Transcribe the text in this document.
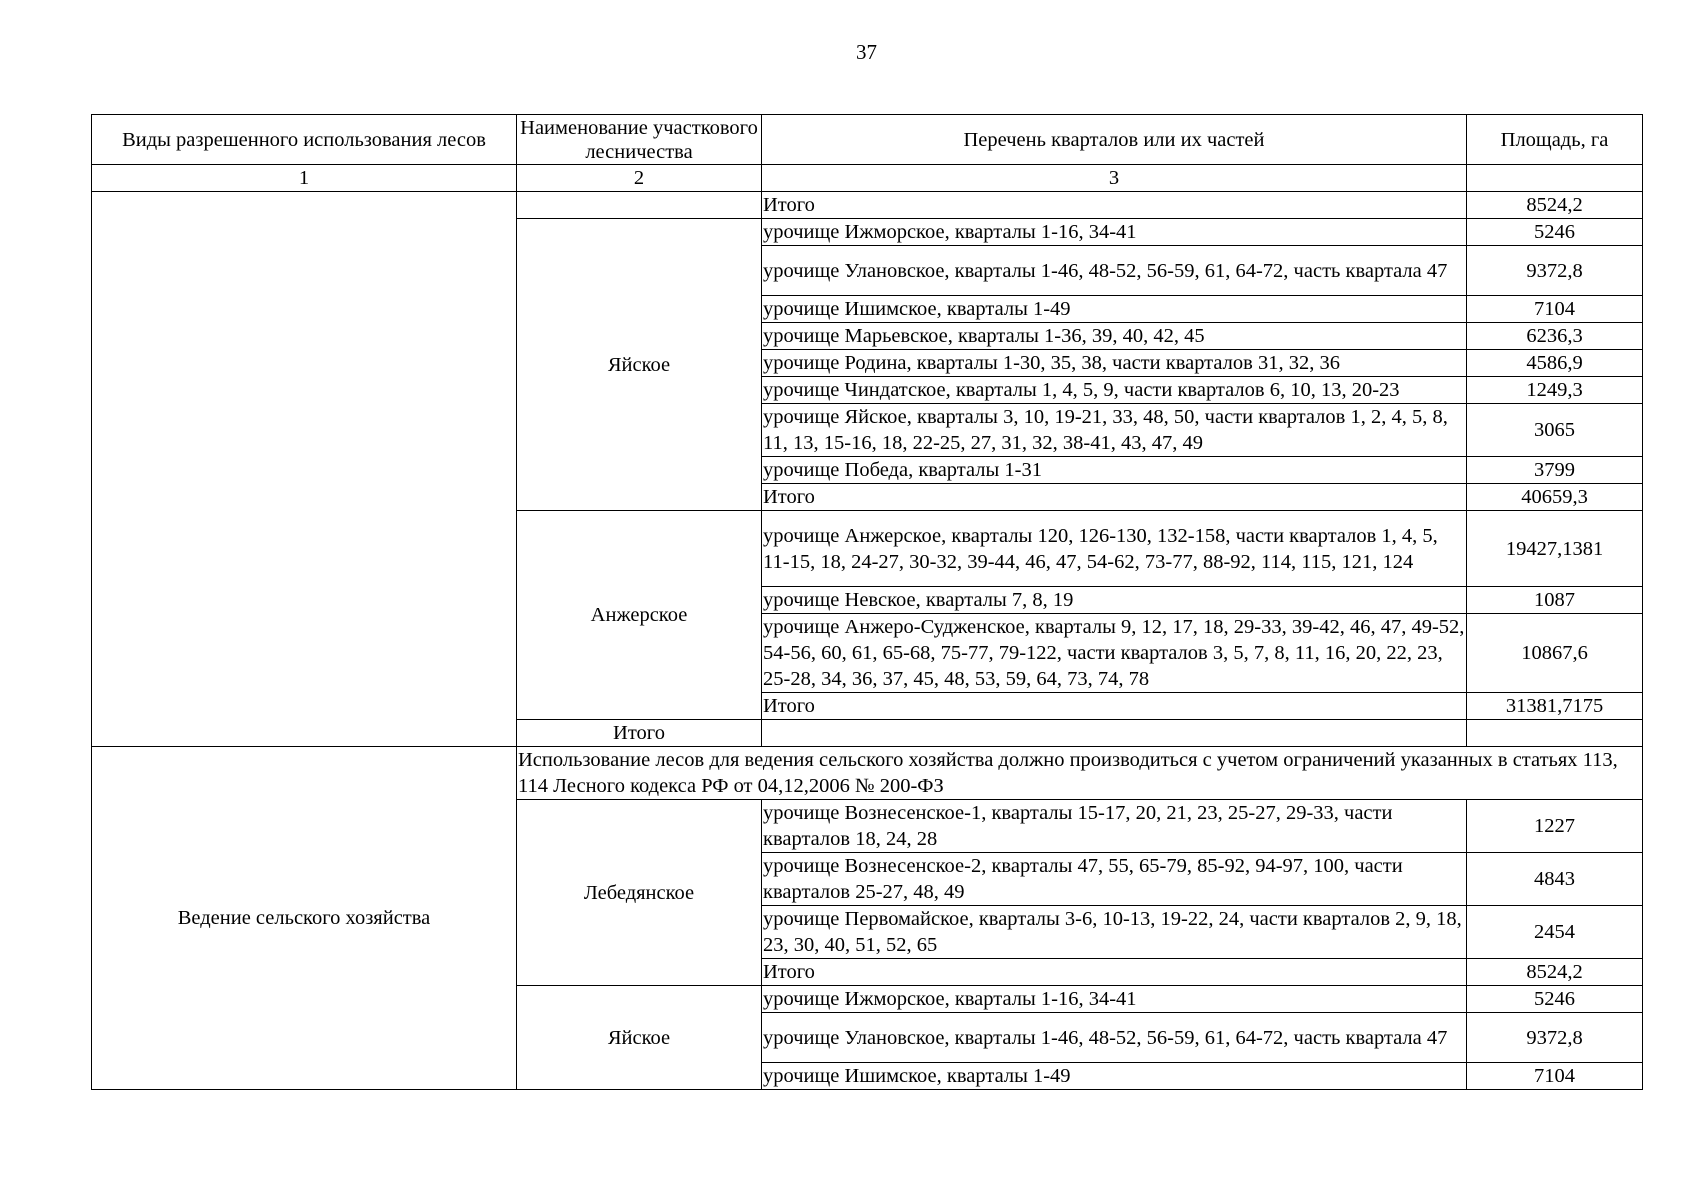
37
Виды разрешенного использования лесов	Наименование участкового лесничества	Перечень кварталов или их частей	Площадь, га	
1	2	3		
		Итого	8524,2	
	Яйское	урочище Ижморское, кварталы 1-16, 34-41	5246	
		урочище Улановское, кварталы 1-46, 48-52, 56-59, 61, 64-72, часть квартала 47	9372,8	
		урочище Ишимское, кварталы 1-49	7104	
		урочище Марьевское, кварталы 1-36, 39, 40, 42, 45	6236,3	
		урочище Родина, кварталы 1-30, 35, 38, части кварталов 31, 32, 36	4586,9	
		урочище Чиндатское, кварталы 1, 4, 5, 9, части кварталов 6, 10, 13, 20-23	1249,3	
		урочище Яйское, кварталы 3, 10, 19-21, 33, 48, 50, части кварталов 1, 2, 4, 5, 8, 11, 13, 15-16, 18, 22-25, 27, 31, 32, 38-41, 43, 47, 49	3065	
		урочище Победа, кварталы 1-31	3799	
		Итого	40659,3	
	Анжерское	урочище Анжерское, кварталы 120, 126-130, 132-158, части кварталов 1, 4, 5, 11-15, 18, 24-27, 30-32, 39-44, 46, 47, 54-62, 73-77, 88-92, 114, 115, 121, 124	19427,1381	
		урочище Невское, кварталы 7, 8, 19	1087	
		урочище Анжеро-Судженское, кварталы 9, 12, 17, 18, 29-33, 39-42, 46, 47, 49-52, 54-56, 60, 61, 65-68, 75-77, 79-122, части кварталов 3, 5, 7, 8, 11, 16, 20, 22, 23, 25-28, 34, 36, 37, 45, 48, 53, 59, 64, 73, 74, 78	10867,6	
		Итого	31381,7175	
	Итого			
Ведение сельского хозяйства	Использование лесов для ведения сельского хозяйства должно производиться с учетом ограничений указанных в статьях 113, 114 Лесного кодекса РФ от 04,12,2006 № 200-ФЗ			
	Лебедянское	урочище Вознесенское-1, кварталы 15-17, 20, 21, 23, 25-27, 29-33, части кварталов 18, 24, 28	1227	
		урочище Вознесенское-2, кварталы 47, 55, 65-79, 85-92, 94-97, 100, части кварталов 25-27, 48, 49	4843	
		урочище Первомайское, кварталы 3-6, 10-13, 19-22, 24, части кварталов 2, 9, 18, 23, 30, 40, 51, 52, 65	2454	
		Итого	8524,2	
	Яйское	урочище Ижморское, кварталы 1-16, 34-41	5246	
		урочище Улановское, кварталы 1-46, 48-52, 56-59, 61, 64-72, часть квартала 47	9372,8	
		урочище Ишимское, кварталы 1-49	7104	
